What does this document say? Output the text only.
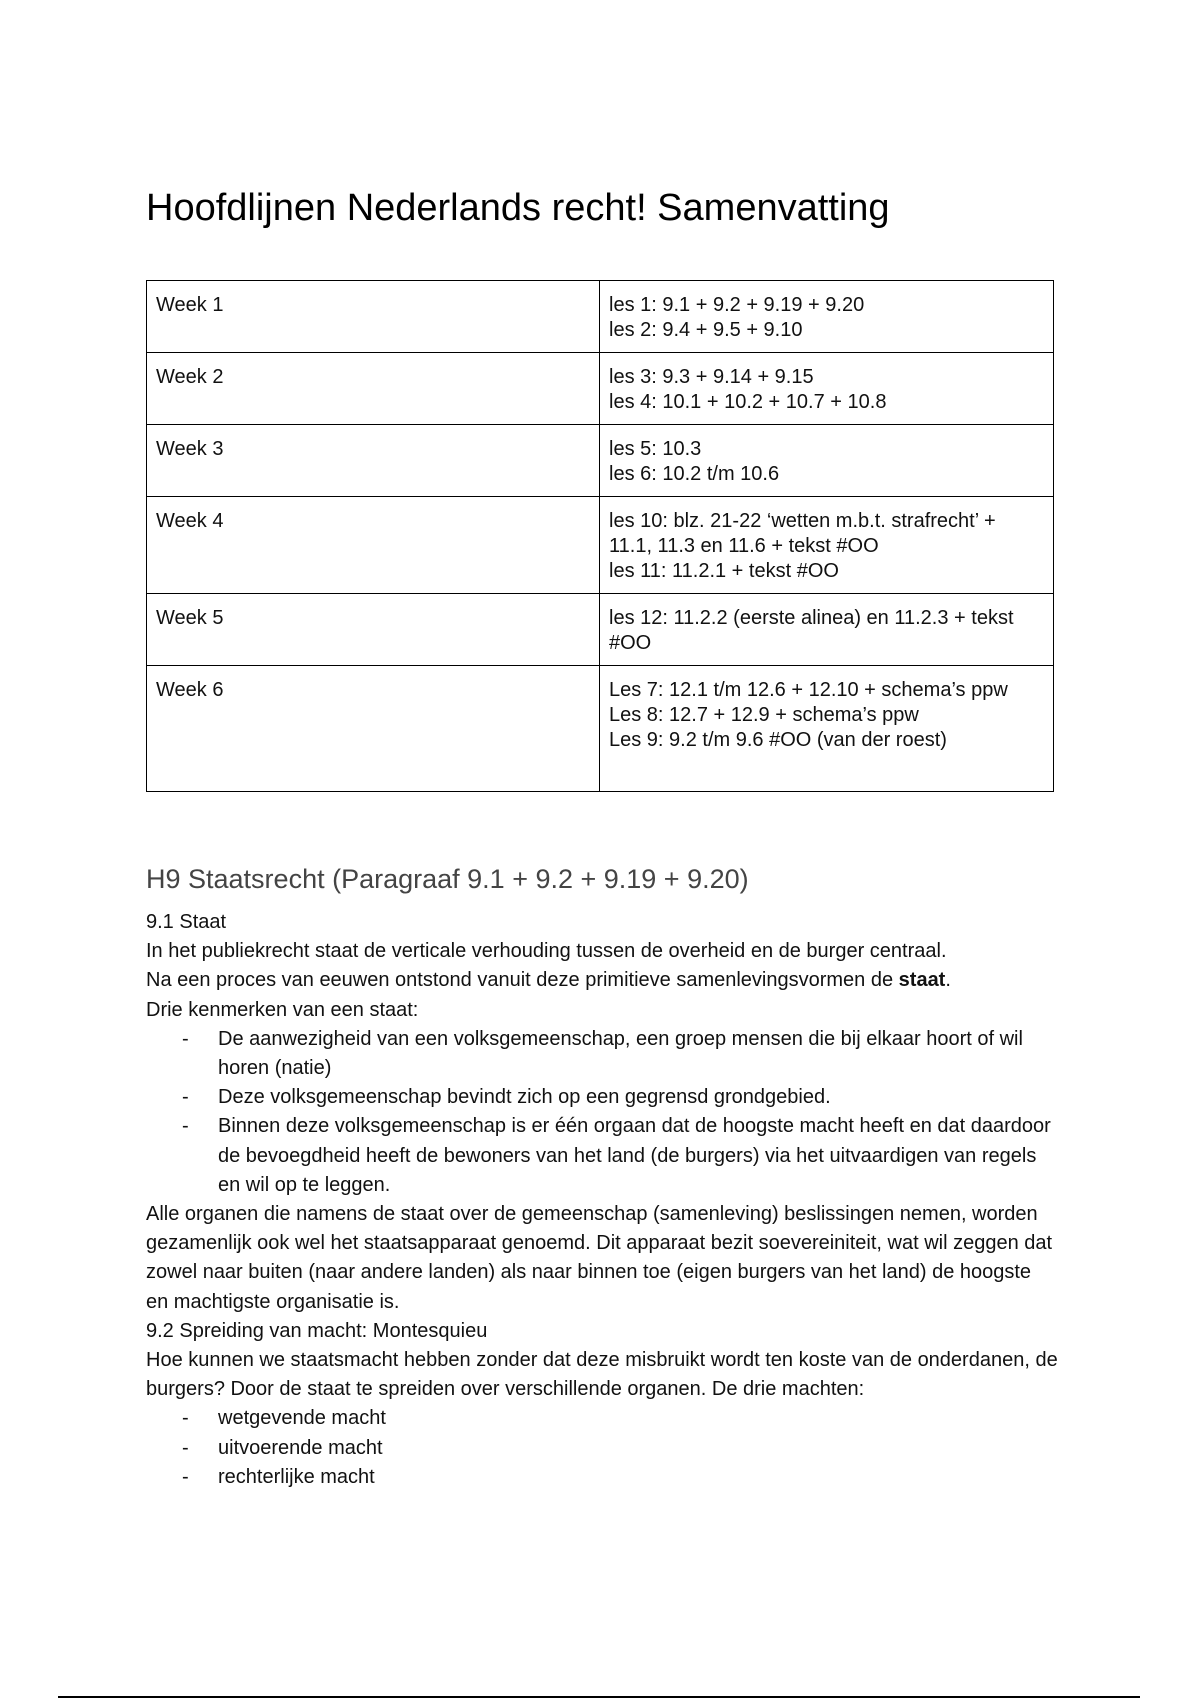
Hoofdlijnen Nederlands recht! Samenvatting
Week 1	les 1: 9.1 + 9.2 + 9.19 + 9.20
les 2: 9.4 + 9.5 + 9.10

Week 2	les 3: 9.3 + 9.14 + 9.15
les 4: 10.1 + 10.2 + 10.7 + 10.8

Week 3	les 5: 10.3
les 6: 10.2 t/m 10.6

Week 4	les 10: blz. 21-22 ‘wetten m.b.t. strafrecht’ + 11.1, 11.3 en 11.6 + tekst #OO
les 11: 11.2.1 + tekst #OO

Week 5	les 12: 11.2.2 (eerste alinea) en 11.2.3 + tekst #OO

Week 6	Les 7: 12.1 t/m 12.6 + 12.10 + schema’s ppw
Les 8: 12.7 + 12.9 + schema’s ppw
Les 9: 9.2 t/m 9.6 #OO (van der roest)
H9 Staatsrecht (Paragraaf 9.1 + 9.2 + 9.19 + 9.20)

9.1 Staat

In het publiekrecht staat de verticale verhouding tussen de overheid en de burger centraal.

Na een proces van eeuwen ontstond vanuit deze primitieve samenlevingsvormen de staat.

Drie kenmerken van een staat:

- De aanwezigheid van een volksgemeenschap, een groep mensen die bij elkaar hoort of wil horen (natie)
- Deze volksgemeenschap bevindt zich op een gegrensd grondgebied.
- Binnen deze volksgemeenschap is er één orgaan dat de hoogste macht heeft en dat daardoor de bevoegdheid heeft de bewoners van het land (de burgers) via het uitvaardigen van regels en wil op te leggen.

Alle organen die namens de staat over de gemeenschap (samenleving) beslissingen nemen, worden gezamenlijk ook wel het staatsapparaat genoemd. Dit apparaat bezit soevereiniteit, wat wil zeggen dat zowel naar buiten (naar andere landen) als naar binnen toe (eigen burgers van het land) de hoogste en machtigste organisatie is.

9.2 Spreiding van macht: Montesquieu

Hoe kunnen we staatsmacht hebben zonder dat deze misbruikt wordt ten koste van de onderdanen, de burgers? Door de staat te spreiden over verschillende organen. De drie machten:

- wetgevende macht
- uitvoerende macht
- rechterlijke macht
